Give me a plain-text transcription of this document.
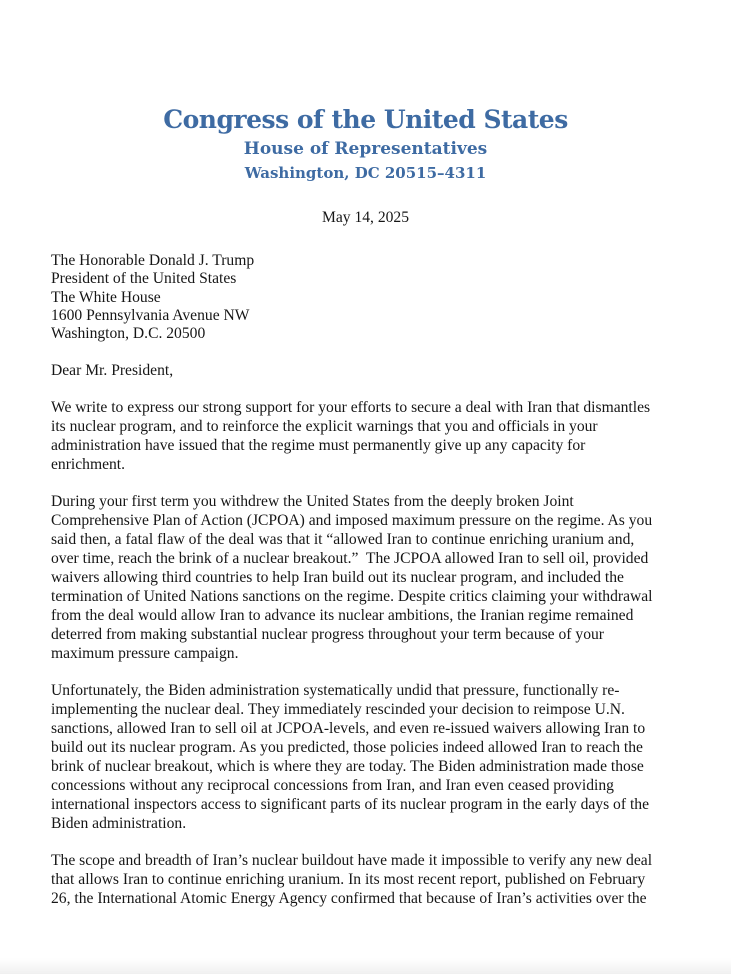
Congress of the United States
House of Representatives
Washington, DC 20515–4311
May 14, 2025
The Honorable Donald J. Trump
President of the United States
The White House
1600 Pennsylvania Avenue NW
Washington, D.C. 20500
Dear Mr. President,
We write to express our strong support for your efforts to secure a deal with Iran that dismantles
its nuclear program, and to reinforce the explicit warnings that you and officials in your
administration have issued that the regime must permanently give up any capacity for
enrichment.
During your first term you withdrew the United States from the deeply broken Joint
Comprehensive Plan of Action (JCPOA) and imposed maximum pressure on the regime. As you
said then, a fatal flaw of the deal was that it “allowed Iran to continue enriching uranium and,
over time, reach the brink of a nuclear breakout.”  The JCPOA allowed Iran to sell oil, provided
waivers allowing third countries to help Iran build out its nuclear program, and included the
termination of United Nations sanctions on the regime. Despite critics claiming your withdrawal
from the deal would allow Iran to advance its nuclear ambitions, the Iranian regime remained
deterred from making substantial nuclear progress throughout your term because of your
maximum pressure campaign.
Unfortunately, the Biden administration systematically undid that pressure, functionally re-
implementing the nuclear deal. They immediately rescinded your decision to reimpose U.N.
sanctions, allowed Iran to sell oil at JCPOA-levels, and even re-issued waivers allowing Iran to
build out its nuclear program. As you predicted, those policies indeed allowed Iran to reach the
brink of nuclear breakout, which is where they are today. The Biden administration made those
concessions without any reciprocal concessions from Iran, and Iran even ceased providing
international inspectors access to significant parts of its nuclear program in the early days of the
Biden administration.
The scope and breadth of Iran’s nuclear buildout have made it impossible to verify any new deal
that allows Iran to continue enriching uranium. In its most recent report, published on February
26, the International Atomic Energy Agency confirmed that because of Iran’s activities over the
